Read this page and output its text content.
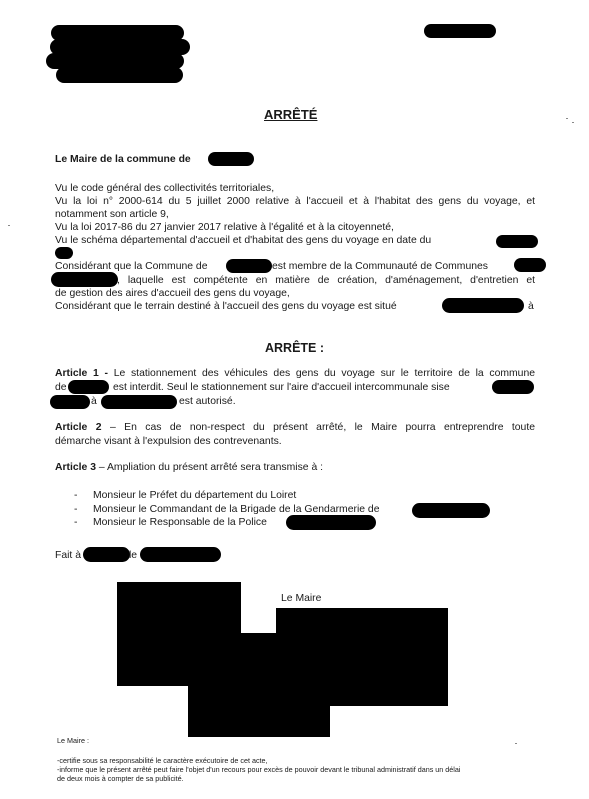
ARRÊTÉ
Le Maire de la commune de
Vu le code général des collectivités territoriales,
Vu la loi n° 2000-614 du 5 juillet 2000 relative à l'accueil et à l'habitat des gens du voyage, et
notamment son article 9,
Vu la loi 2017-86 du 27 janvier 2017 relative à l'égalité et à la citoyenneté,
Vu le schéma départemental d'accueil et d'habitat des gens du voyage en date du
Considérant que la Commune de	est membre de la Communauté de Communes
, laquelle est compétente en matière de création, d'aménagement, d'entretien et
de gestion des aires d'accueil des gens du voyage,
Considérant que le terrain destiné à l'accueil des gens du voyage est situé	à
ARRÊTE :
Article 1 - Le stationnement des véhicules des gens du voyage sur le territoire de la commune
de	est interdit. Seul le stationnement sur l'aire d'accueil intercommunale sise
à	est autorisé.
Article 2 – En cas de non-respect du présent arrêté, le Maire pourra entreprendre toute
démarche visant à l'expulsion des contrevenants.
Article 3 – Ampliation du présent arrêté sera transmise à :
- Monsieur le Préfet du département du Loiret
- Monsieur le Commandant de la Brigade de la Gendarmerie de
- Monsieur le Responsable de la Police
Fait à	le
Le Maire
Le Maire :
-certifie sous sa responsabilité le caractère exécutoire de cet acte,
-informe que le présent arrêté peut faire l'objet d'un recours pour excès de pouvoir devant le tribunal administratif dans un délai
de deux mois à compter de sa publicité.
